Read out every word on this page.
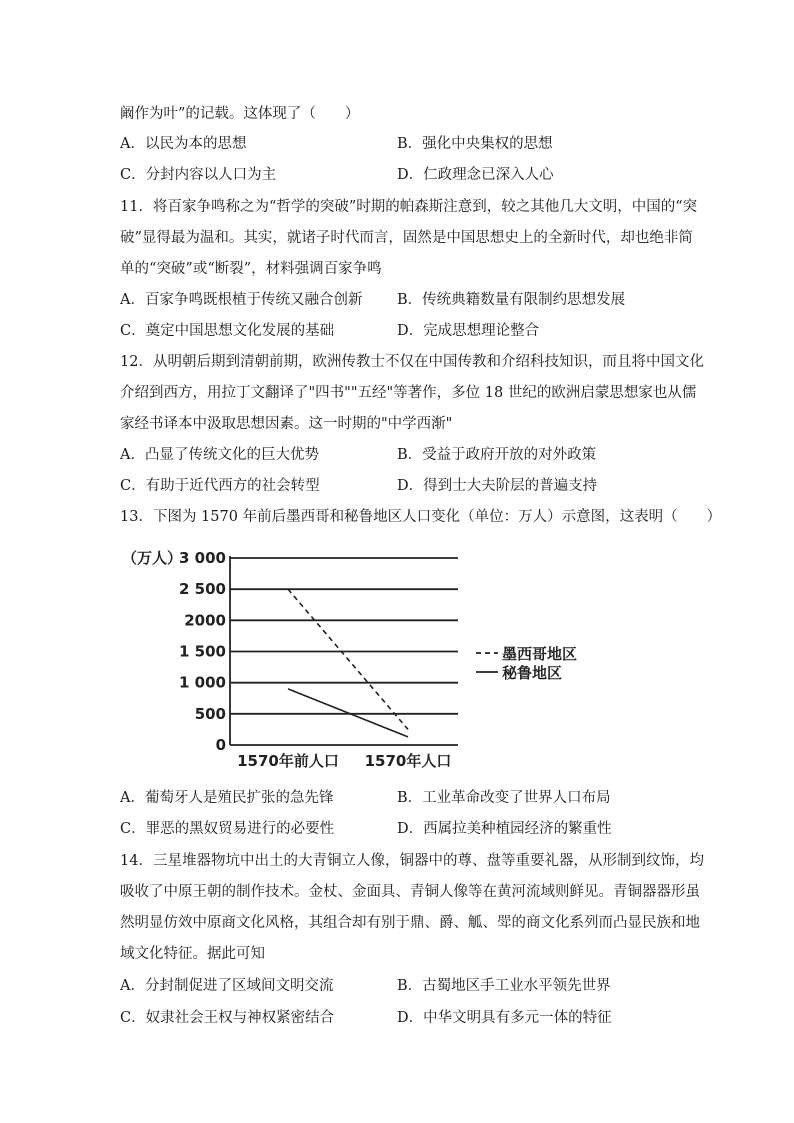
阚作为叶”的记载。这体现了（　　）
A．以民为本的思想	B．强化中央集权的思想
C．分封内容以人口为主	D．仁政理念已深入人心
11．将百家争鸣称之为“哲学的突破”时期的帕森斯注意到，较之其他几大文明，中国的“突
破”显得最为温和。其实，就诸子时代而言，固然是中国思想史上的全新时代，却也绝非简
单的“突破”或“断裂”，材料强调百家争鸣
A．百家争鸣既根植于传统又融合创新 B．传统典籍数量有限制约思想发展
C．奠定中国思想文化发展的基础	D．完成思想理论整合
12．从明朝后期到清朝前期，欧洲传教士不仅在中国传教和介绍科技知识，而且将中国文化
介绍到西方，用拉丁文翻译了"四书""五经"等著作，多位 18 世纪的欧洲启蒙思想家也从儒
家经书译本中汲取思想因素。这一时期的"中学西渐"
A．凸显了传统文化的巨大优势	B．受益于政府开放的对外政策
C．有助于近代西方的社会转型	D．得到士大夫阶层的普遍支持
13．下图为 1570 年前后墨西哥和秘鲁地区人口变化（单位：万人）示意图，这表明（　　）
（万人）
3 000
2 500
2000
1 500
1 000
500
0
1570年前人口 1570年人口
墨西哥地区
秘鲁地区
A．葡萄牙人是殖民扩张的急先锋	B．工业革命改变了世界人口布局
C．罪恶的黑奴贸易进行的必要性	D．西属拉美种植园经济的繁重性
14．三星堆器物坑中出土的大青铜立人像，铜器中的尊、盘等重要礼器，从形制到纹饰，均
吸收了中原王朝的制作技术。金杖、金面具、青铜人像等在黄河流域则鲜见。青铜器器形虽
然明显仿效中原商文化风格，其组合却有别于鼎、爵、觚、斝的商文化系列而凸显民族和地
域文化特征。据此可知
A．分封制促进了区域间文明交流	B．古蜀地区手工业水平领先世界
C．奴隶社会王权与神权紧密结合	D．中华文明具有多元一体的特征
